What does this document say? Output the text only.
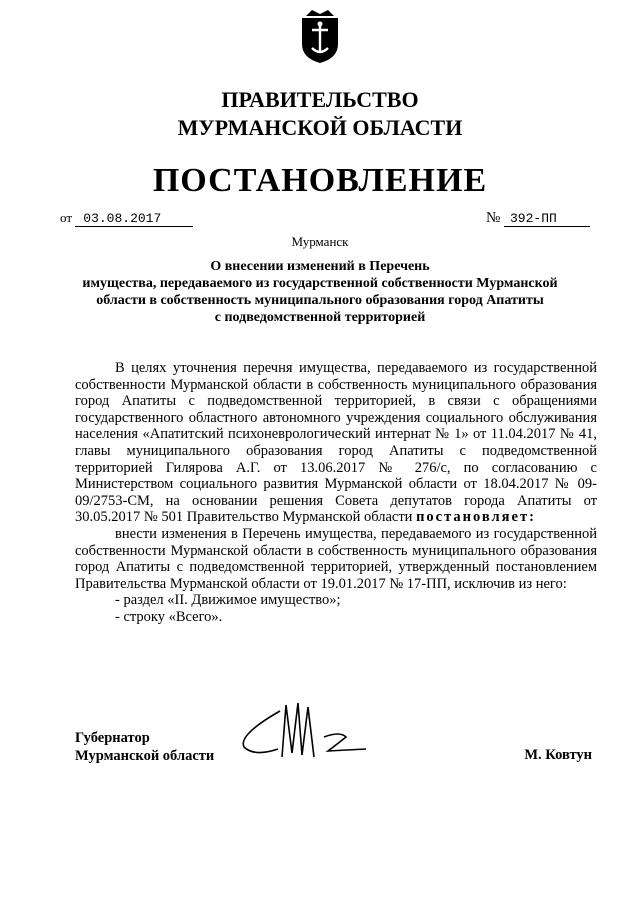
ПРАВИТЕЛЬСТВО
МУРМАНСКОЙ ОБЛАСТИ
ПОСТАНОВЛЕНИЕ
от 03.08.2017	№ 392-ПП
Мурманск
О внесении изменений в Перечень
имущества, передаваемого из государственной собственности Мурманской
области в собственность муниципального образования город Апатиты
с подведомственной территорией

В целях уточнения перечня имущества, передаваемого из государственной собственности Мурманской области в собственность муниципального образования город Апатиты с подведомственной территорией, в связи с обращениями государственного областного автономного учреждения социального обслуживания населения «Апатитский психоневрологический интернат № 1» от 11.04.2017 № 41, главы муниципального образования город Апатиты с подведомственной территорией Гилярова А.Г. от 13.06.2017 № 276/с, по согласованию с Министерством социального развития Мурманской области от 18.04.2017 № 09-09/2753-СМ, на основании решения Совета депутатов города Апатиты от 30.05.2017 № 501 Правительство Мурманской области постановляет:

внести изменения в Перечень имущества, передаваемого из государственной собственности Мурманской области в собственность муниципального образования город Апатиты с подведомственной территорией, утвержденный постановлением Правительства Мурманской области от 19.01.2017 № 17-ПП, исключив из него:

- раздел «II. Движимое имущество»;

- строку «Всего».

Губернатор
Мурманской области	М. Ковтун
